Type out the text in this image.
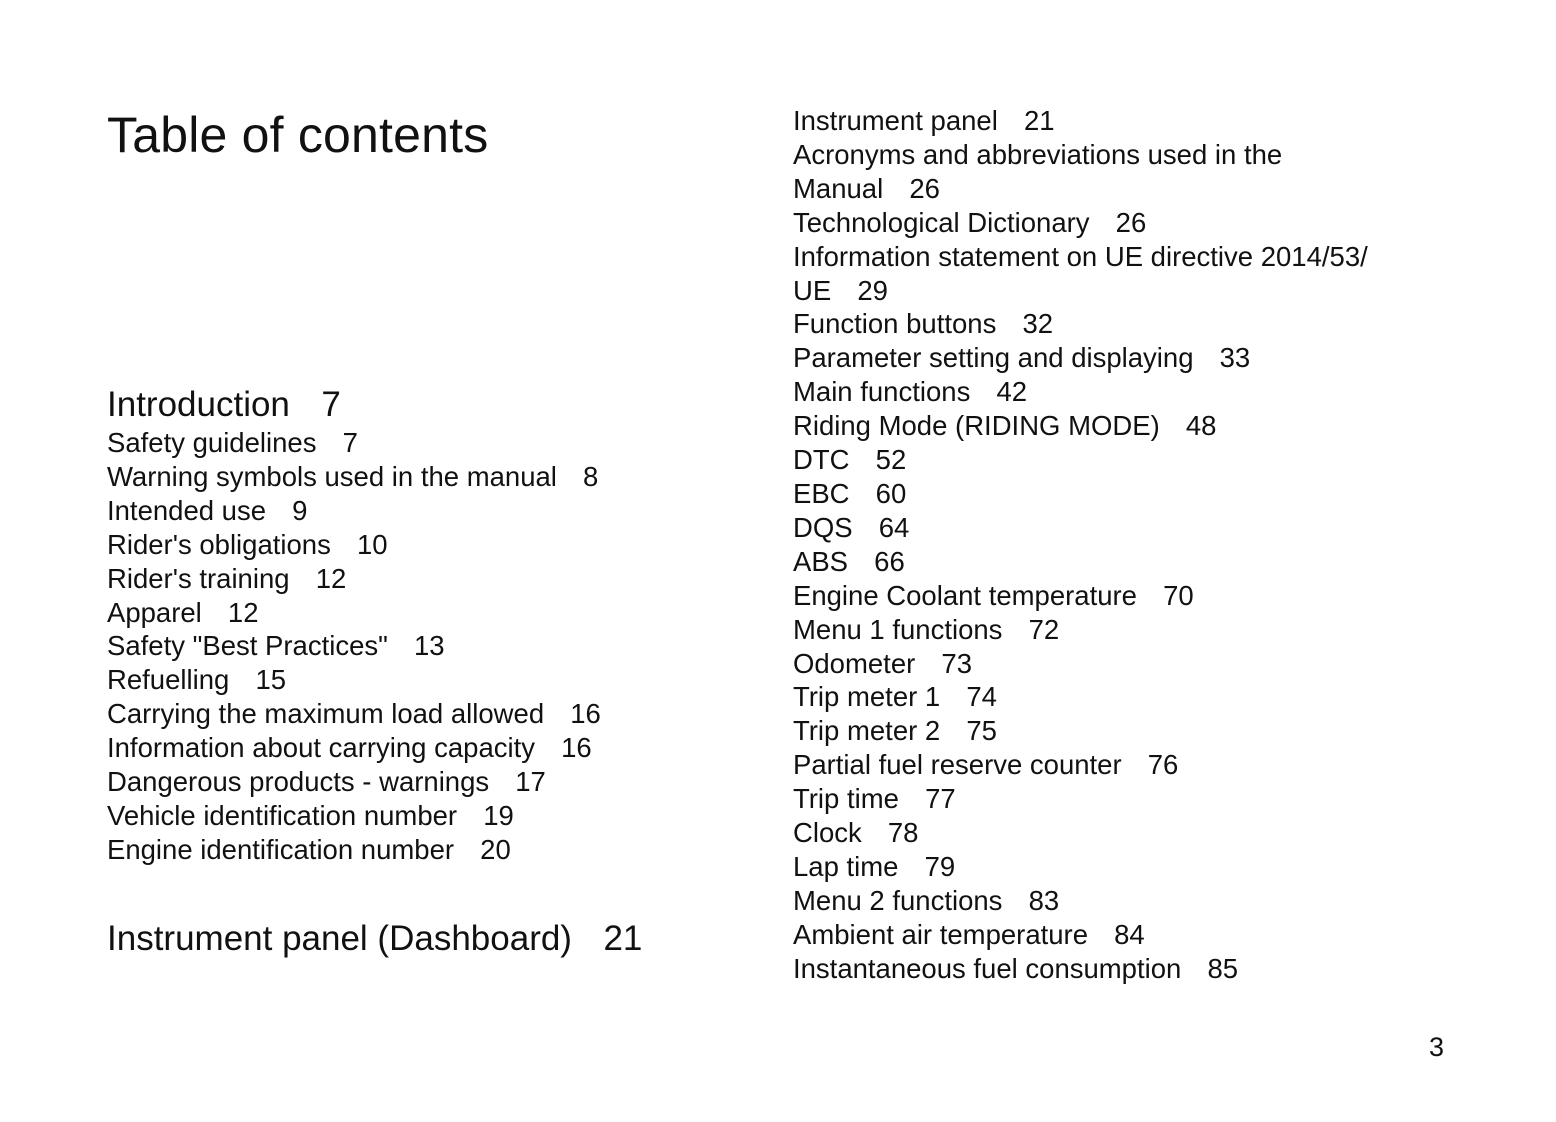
Table of contents
Introduction 7
Safety guidelines 7
Warning symbols used in the manual 8
Intended use 9
Rider's obligations 10
Rider's training 12
Apparel 12
Safety "Best Practices" 13
Refuelling 15
Carrying the maximum load allowed 16
Information about carrying capacity 16
Dangerous products - warnings 17
Vehicle identification number 19
Engine identification number 20
Instrument panel (Dashboard) 21
Instrument panel 21
Acronyms and abbreviations used in the Manual 26
Technological Dictionary 26
Information statement on UE directive 2014/53/ UE 29
Function buttons 32
Parameter setting and displaying 33
Main functions 42
Riding Mode (RIDING MODE) 48
DTC 52
EBC 60
DQS 64
ABS 66
Engine Coolant temperature 70
Menu 1 functions 72
Odometer 73
Trip meter 1 74
Trip meter 2 75
Partial fuel reserve counter 76
Trip time 77
Clock 78
Lap time 79
Menu 2 functions 83
Ambient air temperature 84
Instantaneous fuel consumption 85
3
